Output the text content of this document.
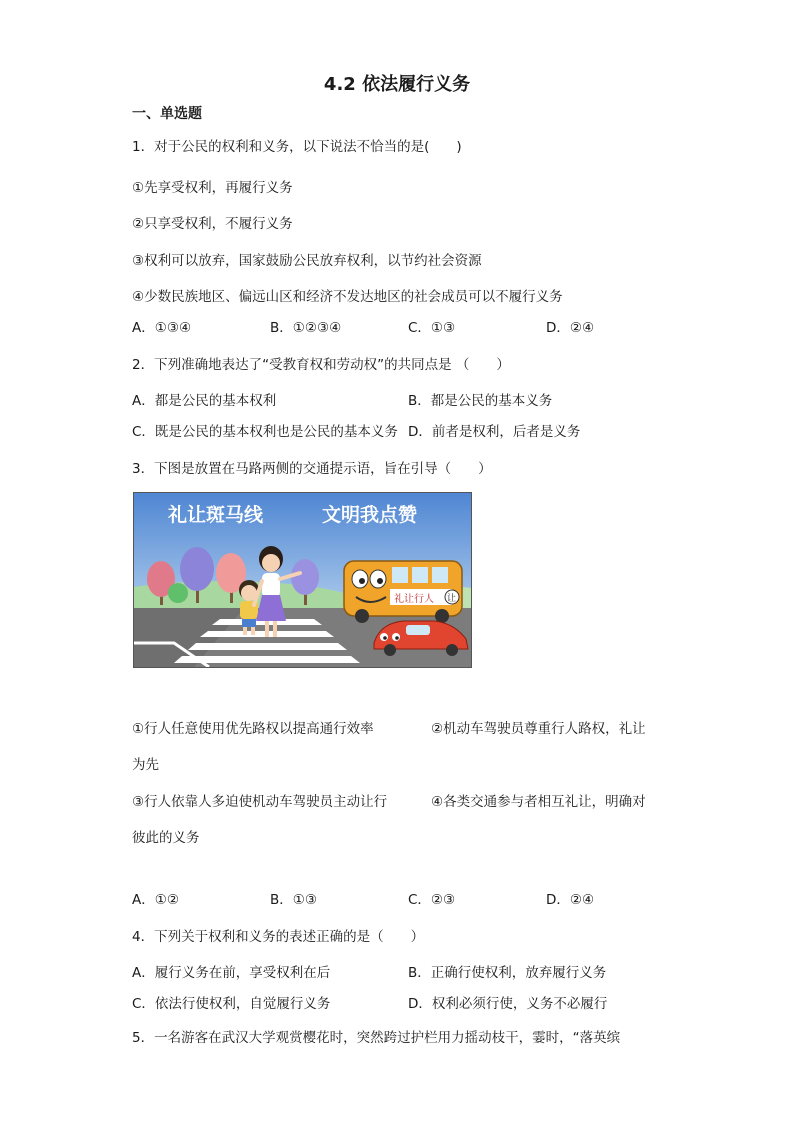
4.2 依法履行义务
一、单选题
1．对于公民的权利和义务，以下说法不恰当的是(　　)
①先享受权利，再履行义务
②只享受权利，不履行义务
③权利可以放弃，国家鼓励公民放弃权利，以节约社会资源
④少数民族地区、偏远山区和经济不发达地区的社会成员可以不履行义务
A．①③④	B．①②③④	C．①③	D．②④
2．下列准确地表达了“受教育权和劳动权”的共同点是 （　　）
A．都是公民的基本权利	B．都是公民的基本义务
C．既是公民的基本权利也是公民的基本义务 D．前者是权利，后者是义务
3．下图是放置在马路两侧的交通提示语，旨在引导（　　）
礼让斑马线	文明我点赞
礼让行人 让
①行人任意使用优先路权以提高通行效率	②机动车驾驶员尊重行人路权，礼让
为先
③行人依靠人多迫使机动车驾驶员主动让行	④各类交通参与者相互礼让，明确对
彼此的义务
A．①②	B．①③	C．②③	D．②④
4．下列关于权利和义务的表述正确的是（　　）
A．履行义务在前，享受权利在后	B．正确行使权利，放弃履行义务
C．依法行使权利，自觉履行义务	D．权利必须行使，义务不必履行
5．一名游客在武汉大学观赏樱花时，突然跨过护栏用力摇动枝干，霎时，“落英缤
